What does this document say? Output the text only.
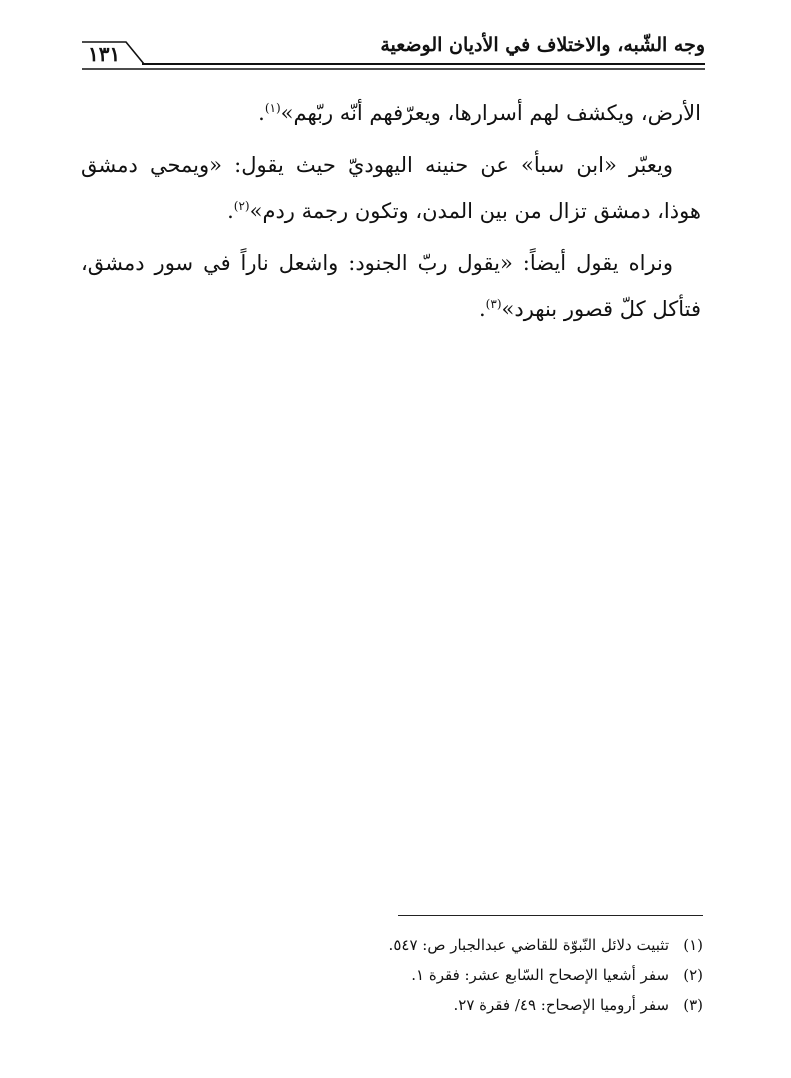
١٣١	وجه الشّبه، والاختلاف في الأديان الوضعية

الأرض، ويكشف لهم أسرارها، ويعرّفهم أنّه ربّهم»$^{(١)}$.

ويعبّر «ابن سبأ» عن حنينه اليهوديّ حيث يقول: «ويمحي دمشق هوذا، دمشق تزال من بين المدن، وتكون رجمة ردم»$^{(٢)}$.

ونراه يقول أيضاً: «يقول ربّ الجنود: واشعل ناراً في سور دمشق، فتأكل كلّ قصور بنهرد»$^{(٣)}$.

(١)
تثبيت دلائل النّبوّة للقاضي عبدالجبار ص: ٥٤٧.
(٢)
سفر أشعيا الإصحاح السّابع عشر: فقرة ١.
(٣)
سفر أروميا الإصحاح: ٤٩/ فقرة ٢٧.
